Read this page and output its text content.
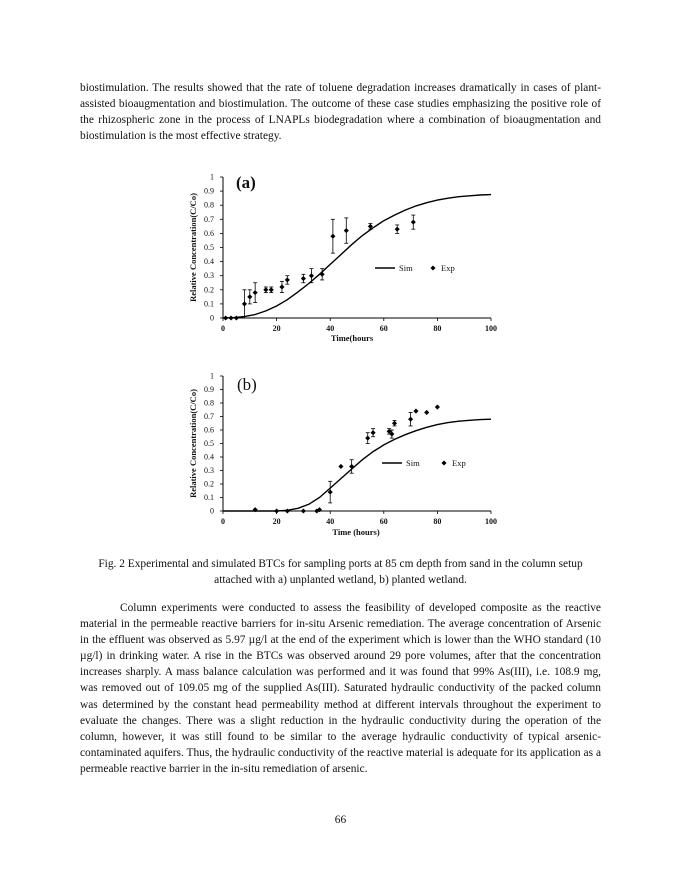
biostimulation. The results showed that the rate of toluene degradation increases dramatically in cases of plant-assisted bioaugmentation and biostimulation. The outcome of these case studies emphasizing the positive role of the rhizospheric zone in the process of LNAPLs biodegradation where a combination of bioaugmentation and biostimulation is the most effective strategy.

0
0.1
0.2
0.3
0.4
0.5
0.6
0.7
0.8
0.9
1
0	20	40	60	80	100
Time(hours
Relative Concentration(C/Co)
(a)
Sim	Exp
0
0.1
0.2
0.3
0.4
0.5
0.6
0.7
0.8
0.9
1
0	20	40	60	80	100
Time (hours)
Relative Concentration(C/Co)
(b)
Sim	Exp

Fig. 2 Experimental and simulated BTCs for sampling ports at 85 cm depth from sand in the column setup attached with a) unplanted wetland, b) planted wetland.

Column experiments were conducted to assess the feasibility of developed composite as the reactive material in the permeable reactive barriers for in-situ Arsenic remediation. The average concentration of Arsenic in the effluent was observed as 5.97 µg/l at the end of the experiment which is lower than the WHO standard (10 µg/l) in drinking water. A rise in the BTCs was observed around 29 pore volumes, after that the concentration increases sharply. A mass balance calculation was performed and it was found that 99% As(III), i.e. 108.9 mg, was removed out of 109.05 mg of the supplied As(III). Saturated hydraulic conductivity of the packed column was determined by the constant head permeability method at different intervals throughout the experiment to evaluate the changes. There was a slight reduction in the hydraulic conductivity during the operation of the column, however, it was still found to be similar to the average hydraulic conductivity of typical arsenic-contaminated aquifers. Thus, the hydraulic conductivity of the reactive material is adequate for its application as a permeable reactive barrier in the in-situ remediation of arsenic.

66
